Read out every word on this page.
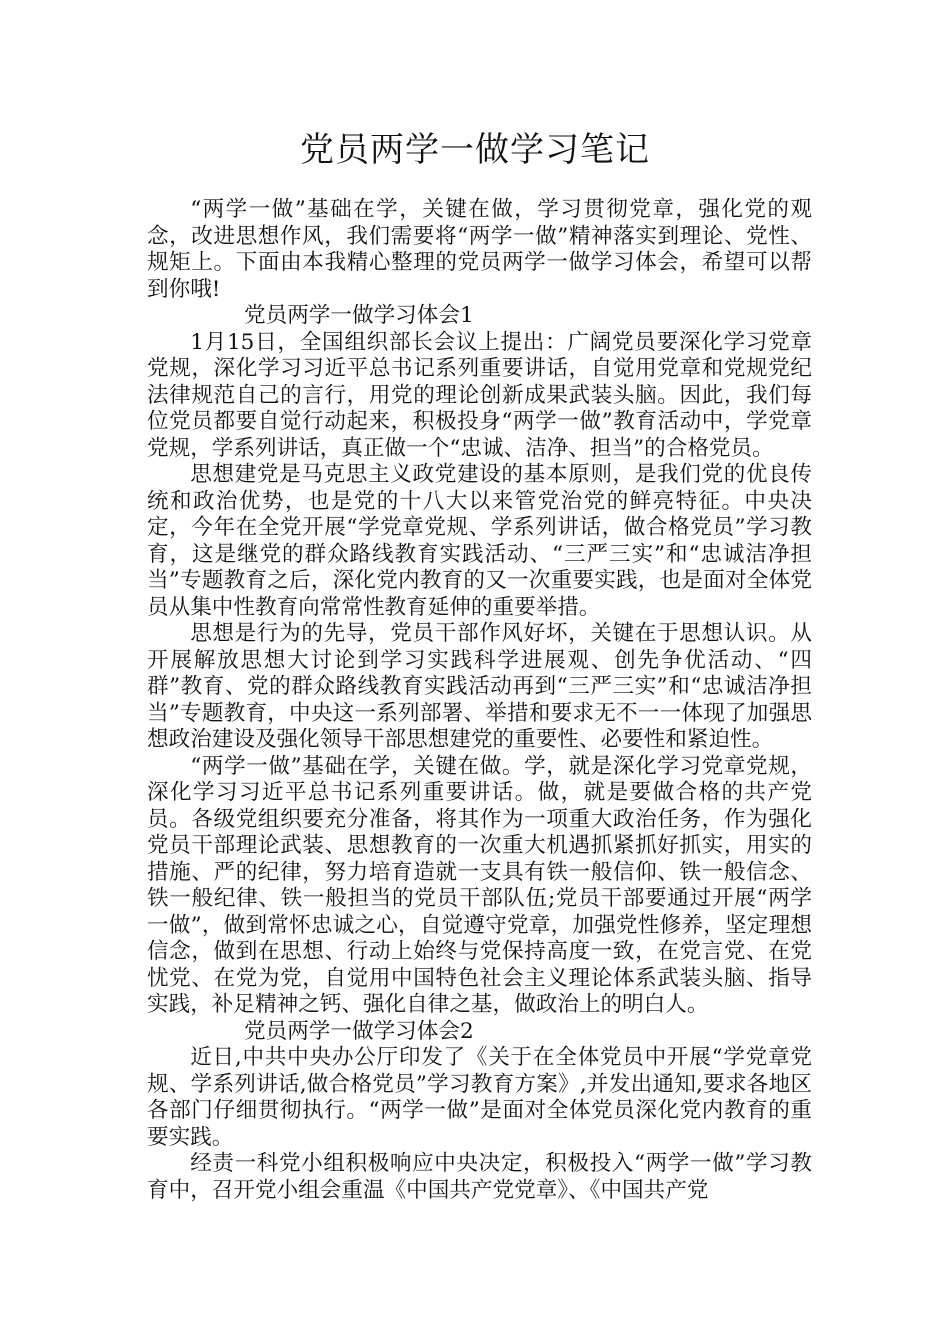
党员两学一做学习笔记

“两学一做”基础在学，关键在做，学习贯彻党章，强化党的观念，改进思想作风，我们需要将“两学一做”精神落实到理论、党性、规矩上。下面由本我精心整理的党员两学一做学习体会，希望可以帮到你哦!

党员两学一做学习体会1

1月15日，全国组织部长会议上提出：广阔党员要深化学习党章党规，深化学习习近平总书记系列重要讲话，自觉用党章和党规党纪法律规范自己的言行，用党的理论创新成果武装头脑。因此，我们每位党员都要自觉行动起来，积极投身“两学一做”教育活动中，学党章党规，学系列讲话，真正做一个“忠诚、洁净、担当”的合格党员。

思想建党是马克思主义政党建设的基本原则，是我们党的优良传统和政治优势，也是党的十八大以来管党治党的鲜亮特征。中央决定，今年在全党开展“学党章党规、学系列讲话，做合格党员”学习教育，这是继党的群众路线教育实践活动、“三严三实”和“忠诚洁净担当”专题教育之后，深化党内教育的又一次重要实践，也是面对全体党员从集中性教育向常常性教育延伸的重要举措。

思想是行为的先导，党员干部作风好坏，关键在于思想认识。从开展解放思想大讨论到学习实践科学进展观、创先争优活动、“四群”教育、党的群众路线教育实践活动再到“三严三实”和“忠诚洁净担当”专题教育，中央这一系列部署、举措和要求无不一一体现了加强思想政治建设及强化领导干部思想建党的重要性、必要性和紧迫性。

“两学一做”基础在学，关键在做。学，就是深化学习党章党规，深化学习习近平总书记系列重要讲话。做，就是要做合格的共产党员。各级党组织要充分准备，将其作为一项重大政治任务，作为强化党员干部理论武装、思想教育的一次重大机遇抓紧抓好抓实，用实的措施、严的纪律，努力培育造就一支具有铁一般信仰、铁一般信念、铁一般纪律、铁一般担当的党员干部队伍;党员干部要通过开展“两学一做”，做到常怀忠诚之心，自觉遵守党章，加强党性修养，坚定理想信念，做到在思想、行动上始终与党保持高度一致，在党言党、在党忧党、在党为党，自觉用中国特色社会主义理论体系武装头脑、指导实践，补足精神之钙、强化自律之基，做政治上的明白人。

党员两学一做学习体会2

近日,中共中央办公厅印发了《关于在全体党员中开展“学党章党规、学系列讲话,做合格党员”学习教育方案》,并发出通知,要求各地区各部门仔细贯彻执行。“两学一做”是面对全体党员深化党内教育的重要实践。

经责一科党小组积极响应中央决定，积极投入“两学一做”学习教育中，召开党小组会重温《中国共产党党章》、《中国共产党
